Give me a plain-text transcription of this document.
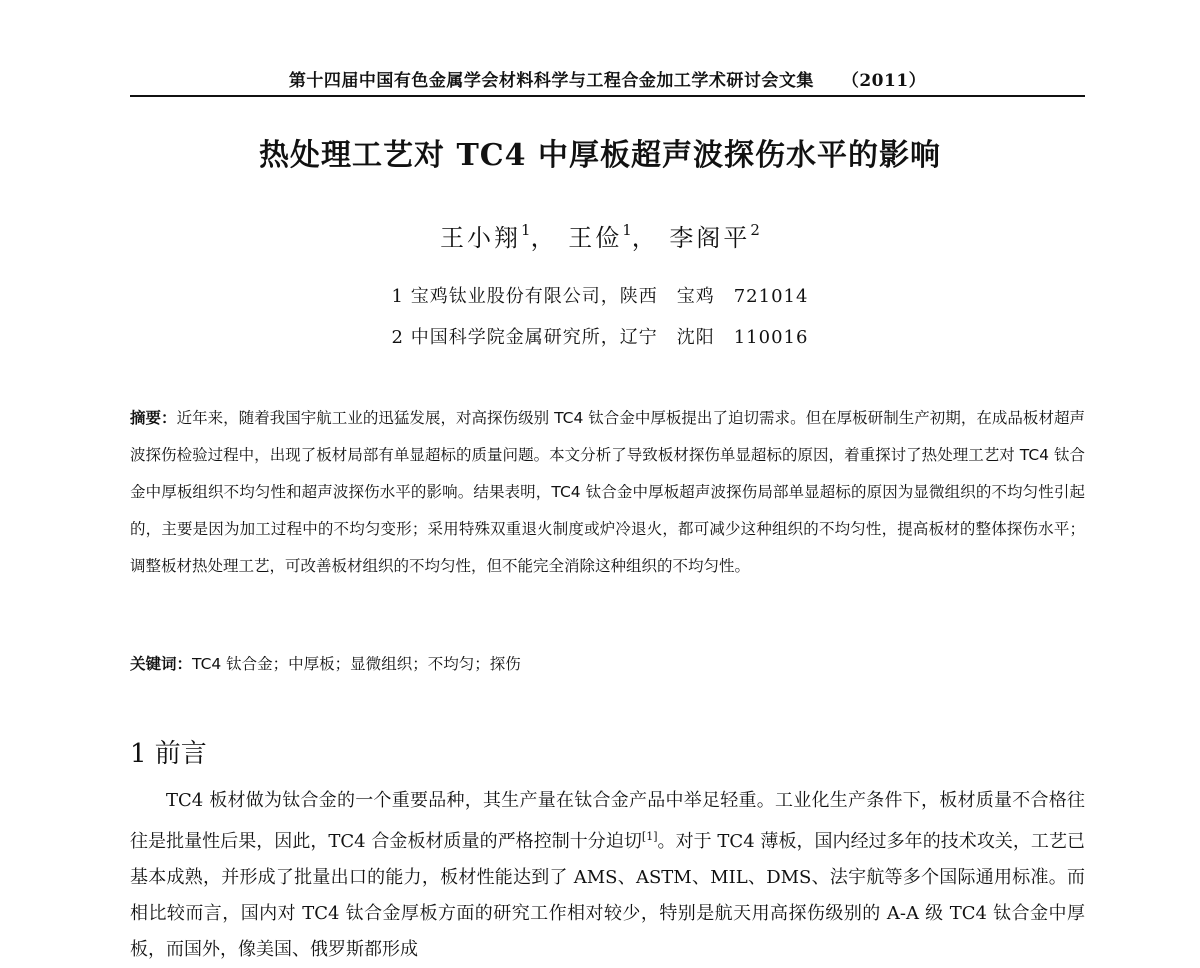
第十四届中国有色金属学会材料科学与工程合金加工学术研讨会文集 （2011）
热处理工艺对 TC4 中厚板超声波探伤水平的影响
王小翔$^1$， 王俭$^1$， 李阁平$^2$
1 宝鸡钛业股份有限公司，陕西　宝鸡　721014
2 中国科学院金属研究所，辽宁　沈阳　110016
摘要：近年来，随着我国宇航工业的迅猛发展，对高探伤级别 TC4 钛合金中厚板提出了迫切需求。但在厚板研制生产初期，在成品板材超声波探伤检验过程中，出现了板材局部有单显超标的质量问题。本文分析了导致板材探伤单显超标的原因，着重探讨了热处理工艺对 TC4 钛合金中厚板组织不均匀性和超声波探伤水平的影响。结果表明，TC4 钛合金中厚板超声波探伤局部单显超标的原因为显微组织的不均匀性引起的，主要是因为加工过程中的不均匀变形；采用特殊双重退火制度或炉冷退火，都可减少这种组织的不均匀性，提高板材的整体探伤水平；调整板材热处理工艺，可改善板材组织的不均匀性，但不能完全消除这种组织的不均匀性。
关键词：TC4 钛合金；中厚板；显微组织；不均匀；探伤
1 前言
TC4 板材做为钛合金的一个重要品种，其生产量在钛合金产品中举足轻重。工业化生产条件下，板材质量不合格往往是批量性后果，因此，TC4 合金板材质量的严格控制十分迫切[1]。对于 TC4 薄板，国内经过多年的技术攻关，工艺已基本成熟，并形成了批量出口的能力，板材性能达到了 AMS、ASTM、MIL、DMS、法宇航等多个国际通用标准。而相比较而言，国内对 TC4 钛合金厚板方面的研究工作相对较少，特别是航天用高探伤级别的 A-A 级 TC4 钛合金中厚板，而国外，像美国、俄罗斯都形成
